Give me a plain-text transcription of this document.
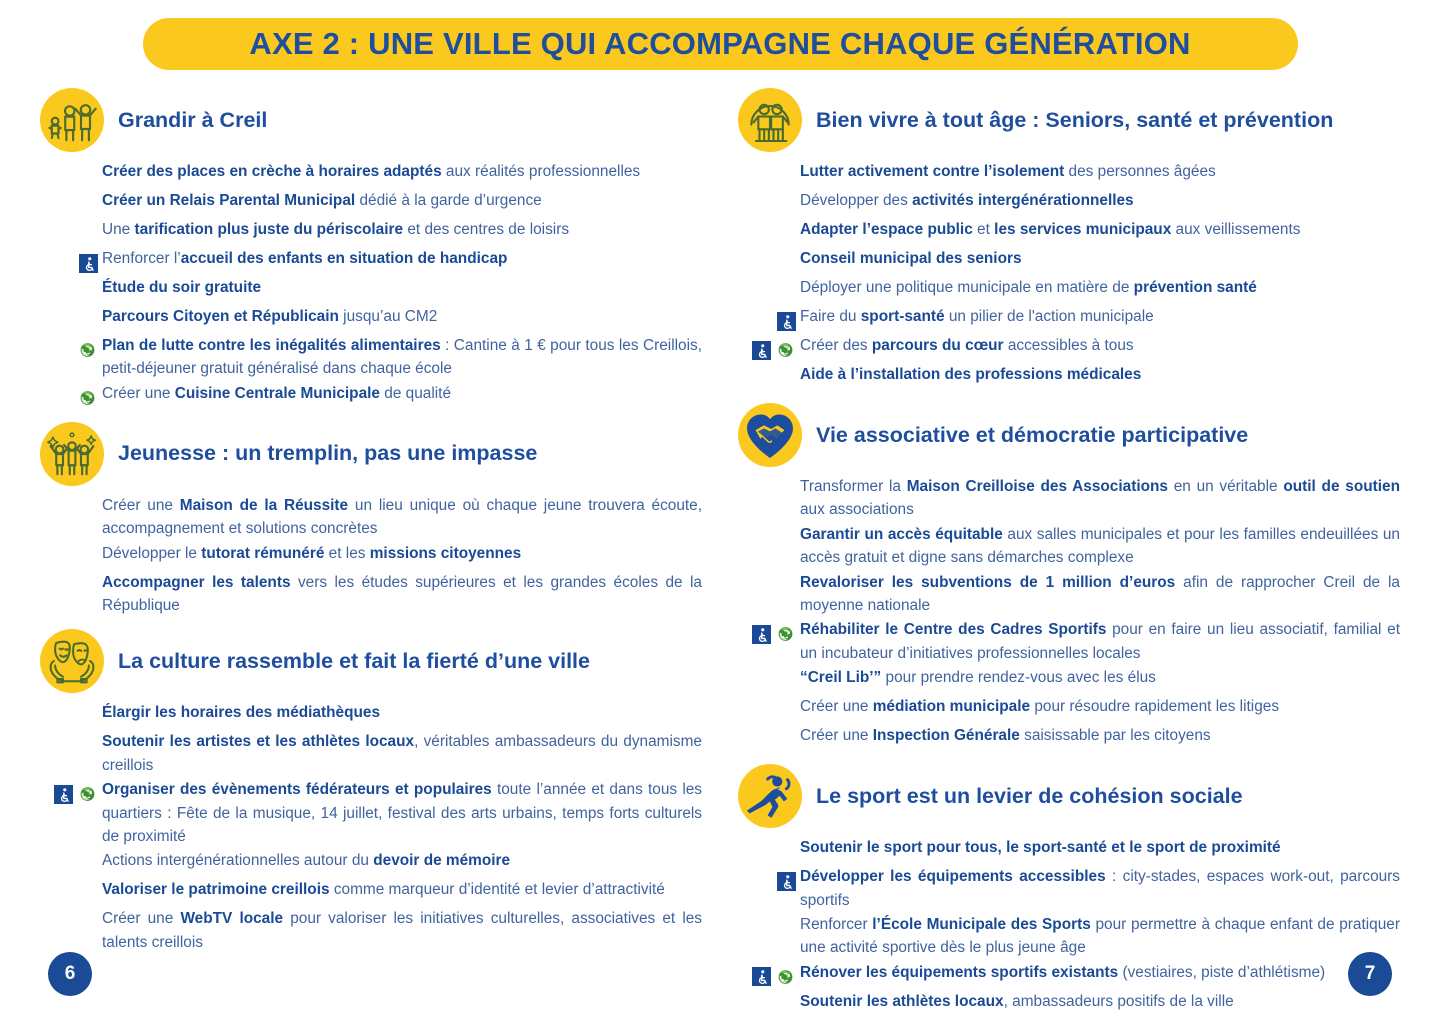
AXE 2 : UNE VILLE QUI ACCOMPAGNE CHAQUE GÉNÉRATION
Grandir à Creil
Créer des places en crèche à horaires adaptés aux réalités professionnelles
Créer un Relais Parental Municipal dédié à la garde d’urgence
Une tarification plus juste du périscolaire et des centres de loisirs
Renforcer l’accueil des enfants en situation de handicap
Étude du soir gratuite
Parcours Citoyen et Républicain jusqu’au CM2
Plan de lutte contre les inégalités alimentaires : Cantine à 1 € pour tous les Creillois, petit-déjeuner gratuit généralisé dans chaque école
Créer une Cuisine Centrale Municipale de qualité
Jeunesse : un tremplin, pas une impasse
Créer une Maison de la Réussite un lieu unique où chaque jeune trouvera écoute, accompagnement et solutions concrètes
Développer le tutorat rémunéré et les missions citoyennes
Accompagner les talents vers les études supérieures et les grandes écoles de la République
La culture rassemble et fait la fierté d’une ville
Élargir les horaires des médiathèques
Soutenir les artistes et les athlètes locaux, véritables ambassadeurs du dynamisme creillois
Organiser des évènements fédérateurs et populaires toute l’année et dans tous les quartiers : Fête de la musique, 14 juillet, festival des arts urbains, temps forts culturels de proximité
Actions intergénérationnelles autour du devoir de mémoire
Valoriser le patrimoine creillois comme marqueur d’identité et levier d’attractivité
Créer une WebTV locale pour valoriser les initiatives culturelles, associatives et les talents creillois
Bien vivre à tout âge : Seniors, santé et prévention
Lutter activement contre l’isolement des personnes âgées
Développer des activités intergénérationnelles
Adapter l’espace public et les services municipaux aux veillissements
Conseil municipal des seniors
Déployer une politique municipale en matière de prévention santé
Faire du sport-santé un pilier de l'action municipale
Créer des parcours du cœur accessibles à tous
Aide à l’installation des professions médicales
Vie associative et démocratie participative
Transformer la Maison Creilloise des Associations en un véritable outil de soutien aux associations
Garantir un accès équitable aux salles municipales et pour les familles endeuillées un accès gratuit et digne sans démarches complexe
Revaloriser les subventions de 1 million d’euros afin de rapprocher Creil de la moyenne nationale
Réhabiliter le Centre des Cadres Sportifs pour en faire un lieu associatif, familial et un incubateur d’initiatives professionnelles locales
“Creil Lib’” pour prendre rendez-vous avec les élus
Créer une médiation municipale pour résoudre rapidement les litiges
Créer une Inspection Générale saisissable par les citoyens
Le sport est un levier de cohésion sociale
Soutenir le sport pour tous, le sport-santé et le sport de proximité
Développer les équipements accessibles : city-stades, espaces work-out, parcours sportifs
Renforcer l’École Municipale des Sports pour permettre à chaque enfant de pratiquer une activité sportive dès le plus jeune âge
Rénover les équipements sportifs existants (vestiaires, piste d’athlétisme)
Soutenir les athlètes locaux, ambassadeurs positifs de la ville
6	7
